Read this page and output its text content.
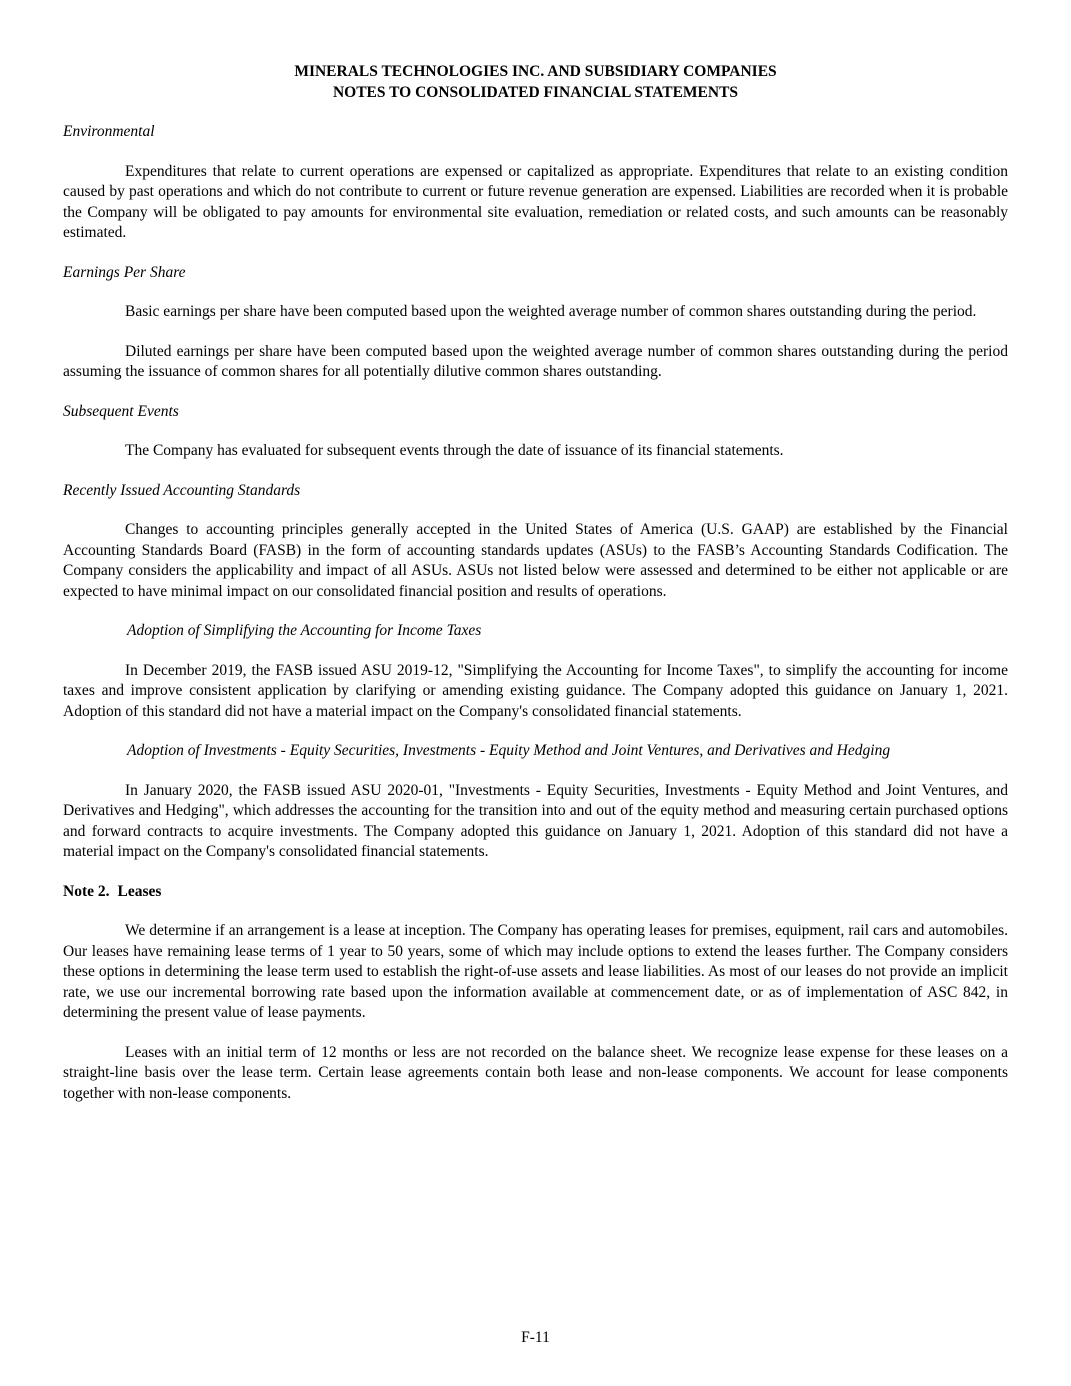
MINERALS TECHNOLOGIES INC. AND SUBSIDIARY COMPANIES
NOTES TO CONSOLIDATED FINANCIAL STATEMENTS
Environmental

Expenditures that relate to current operations are expensed or capitalized as appropriate. Expenditures that relate to an existing condition caused by past operations and which do not contribute to current or future revenue generation are expensed. Liabilities are recorded when it is probable the Company will be obligated to pay amounts for environmental site evaluation, remediation or related costs, and such amounts can be reasonably estimated.

Earnings Per Share

Basic earnings per share have been computed based upon the weighted average number of common shares outstanding during the period.

Diluted earnings per share have been computed based upon the weighted average number of common shares outstanding during the period assuming the issuance of common shares for all potentially dilutive common shares outstanding.

Subsequent Events

The Company has evaluated for subsequent events through the date of issuance of its financial statements.

Recently Issued Accounting Standards

Changes to accounting principles generally accepted in the United States of America (U.S. GAAP) are established by the Financial Accounting Standards Board (FASB) in the form of accounting standards updates (ASUs) to the FASB’s Accounting Standards Codification. The Company considers the applicability and impact of all ASUs. ASUs not listed below were assessed and determined to be either not applicable or are expected to have minimal impact on our consolidated financial position and results of operations.

Adoption of Simplifying the Accounting for Income Taxes

In December 2019, the FASB issued ASU 2019-12, "Simplifying the Accounting for Income Taxes", to simplify the accounting for income taxes and improve consistent application by clarifying or amending existing guidance. The Company adopted this guidance on January 1, 2021. Adoption of this standard did not have a material impact on the Company's consolidated financial statements.

Adoption of Investments - Equity Securities, Investments - Equity Method and Joint Ventures, and Derivatives and Hedging

In January 2020, the FASB issued ASU 2020-01, "Investments - Equity Securities, Investments - Equity Method and Joint Ventures, and Derivatives and Hedging", which addresses the accounting for the transition into and out of the equity method and measuring certain purchased options and forward contracts to acquire investments. The Company adopted this guidance on January 1, 2021. Adoption of this standard did not have a material impact on the Company's consolidated financial statements.

Note 2. Leases

We determine if an arrangement is a lease at inception. The Company has operating leases for premises, equipment, rail cars and automobiles. Our leases have remaining lease terms of 1 year to 50 years, some of which may include options to extend the leases further. The Company considers these options in determining the lease term used to establish the right-of-use assets and lease liabilities. As most of our leases do not provide an implicit rate, we use our incremental borrowing rate based upon the information available at commencement date, or as of implementation of ASC 842, in determining the present value of lease payments.

Leases with an initial term of 12 months or less are not recorded on the balance sheet. We recognize lease expense for these leases on a straight-line basis over the lease term. Certain lease agreements contain both lease and non-lease components. We account for lease components together with non-lease components.

F-11
